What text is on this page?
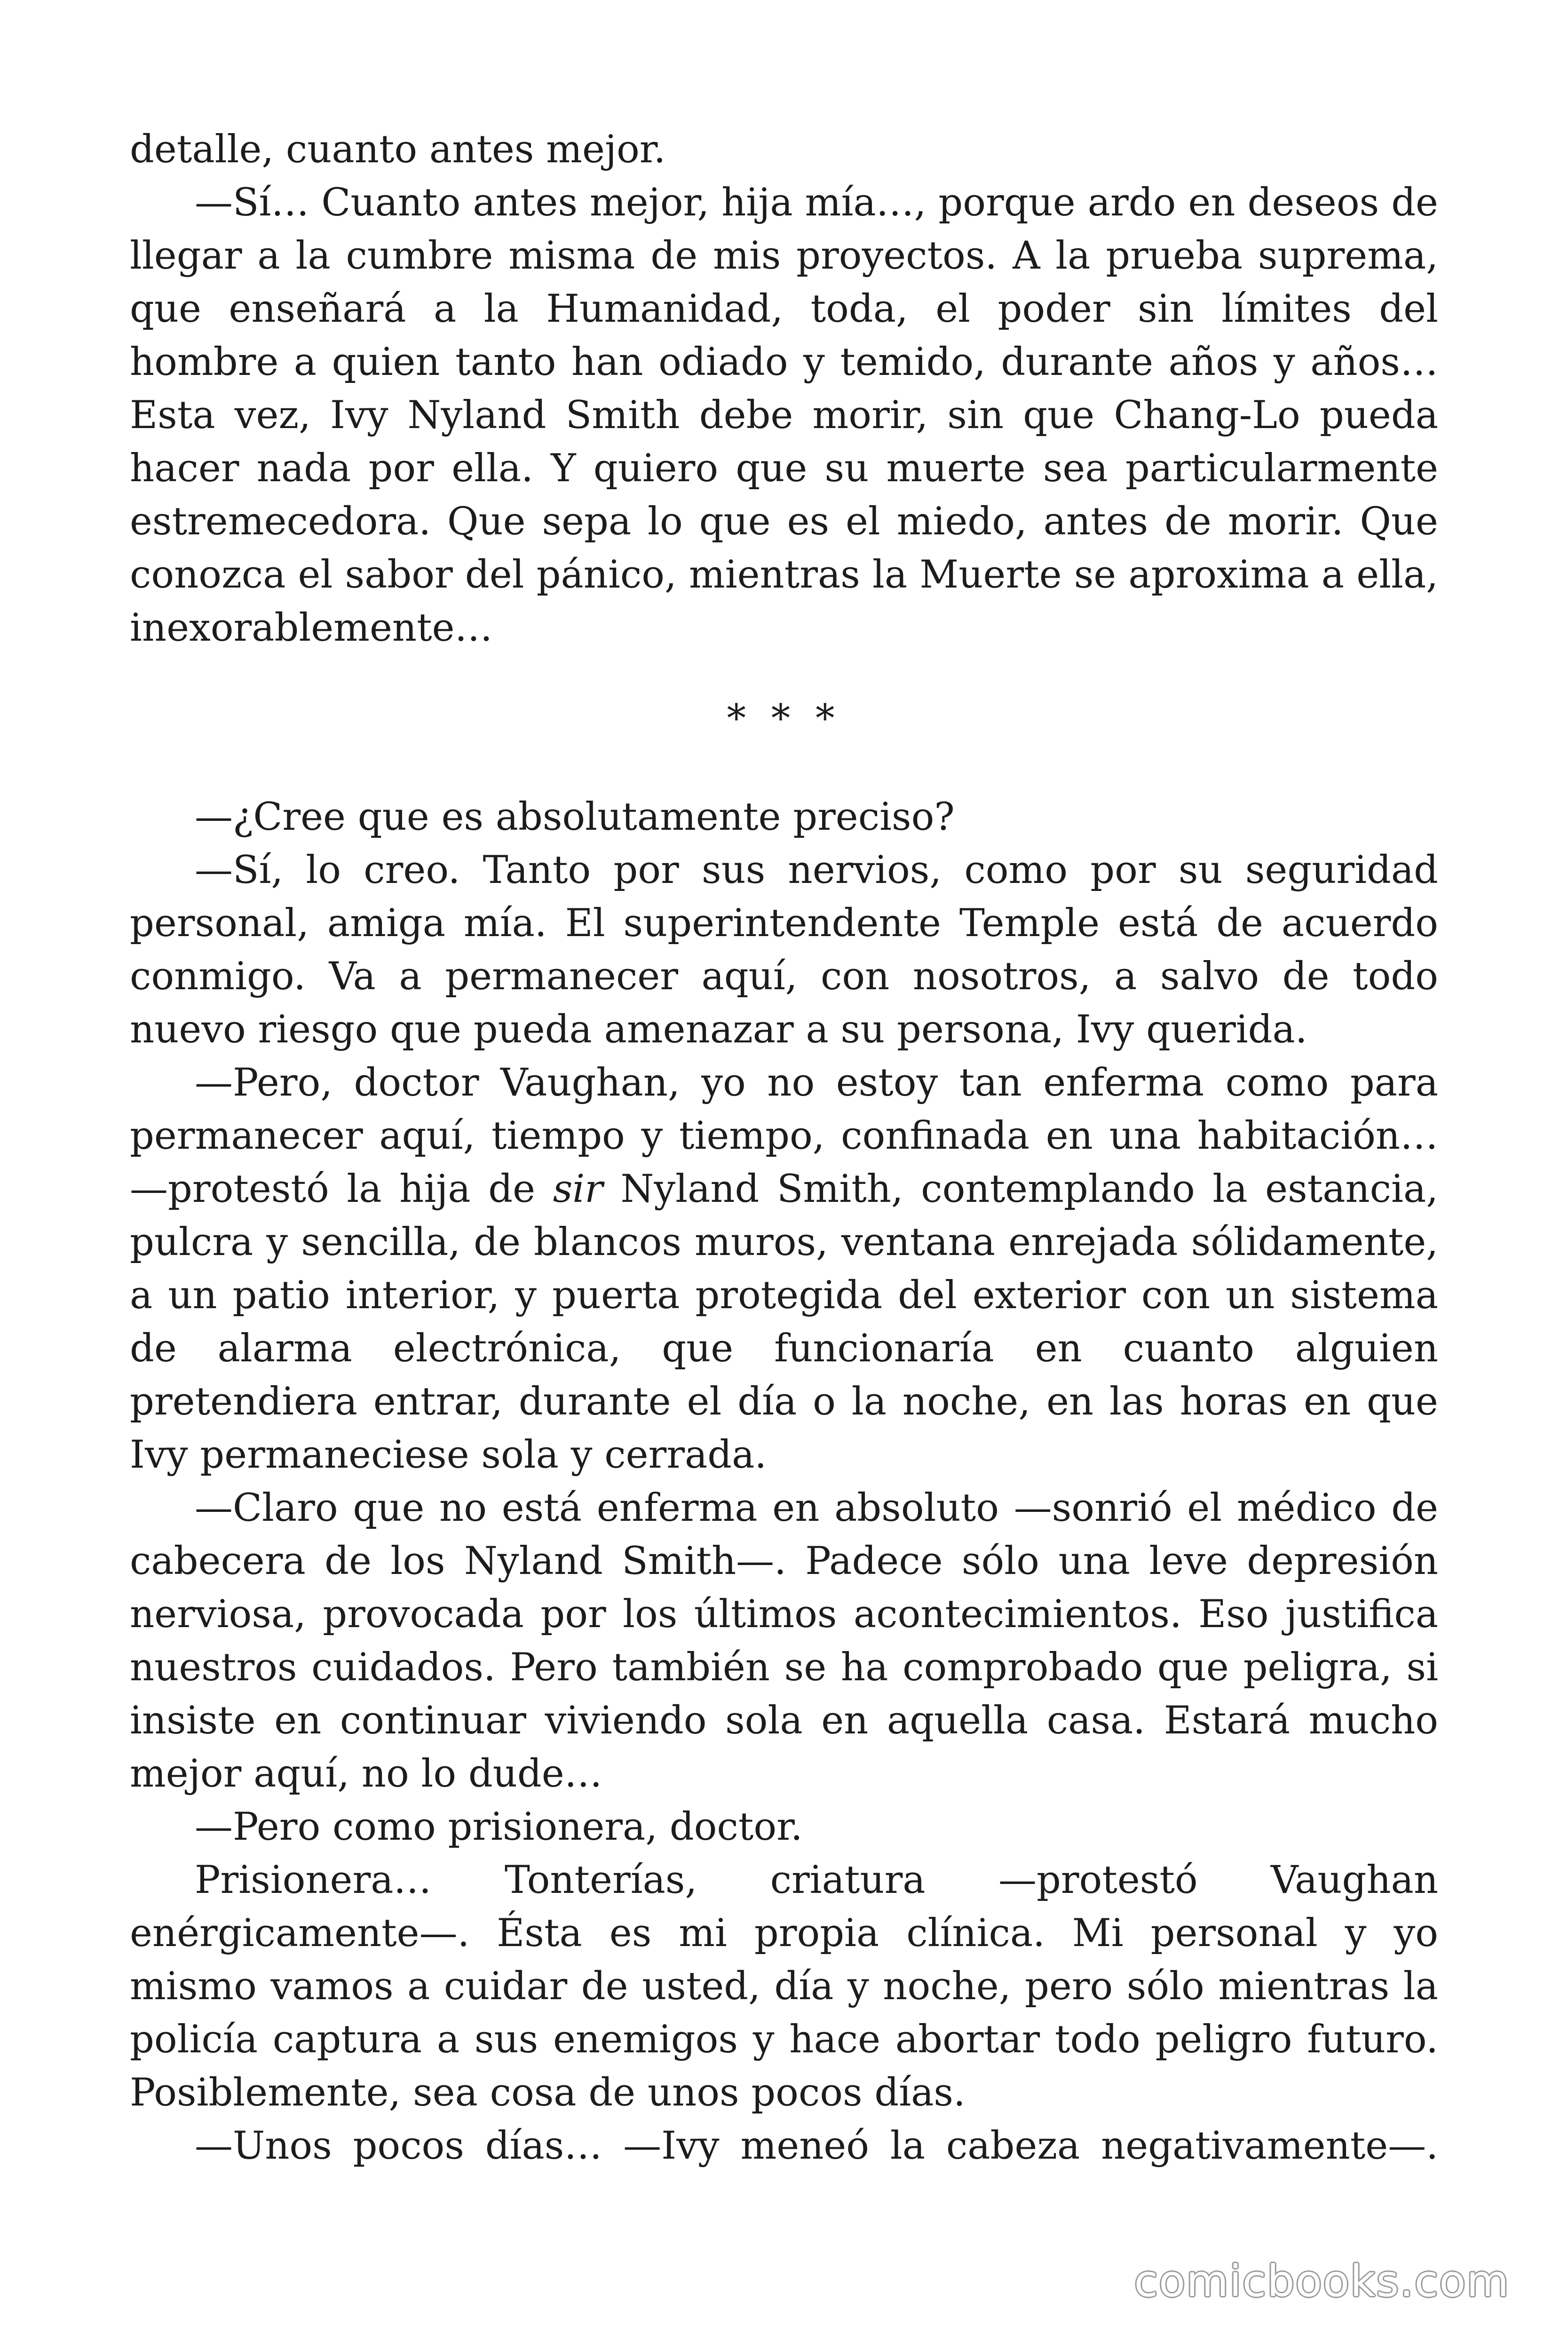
detalle, cuanto antes mejor.

—Sí… Cuanto antes mejor, hija mía…, porque ardo en deseos de llegar a la cumbre misma de mis proyectos. A la prueba suprema, que enseñará a la Humanidad, toda, el poder sin límites del hombre a quien tanto han odiado y temido, durante años y años… Esta vez, Ivy Nyland Smith debe morir, sin que Chang-Lo pueda hacer nada por ella. Y quiero que su muerte sea particularmente estremecedora. Que sepa lo que es el miedo, antes de morir. Que conozca el sabor del pánico, mientras la Muerte se aproxima a ella, inexorablemente…

* * *

—¿Cree que es absolutamente preciso?

—Sí, lo creo. Tanto por sus nervios, como por su seguridad personal, amiga mía. El superintendente Temple está de acuerdo conmigo. Va a permanecer aquí, con nosotros, a salvo de todo nuevo riesgo que pueda amenazar a su persona, Ivy querida.

—Pero, doctor Vaughan, yo no estoy tan enferma como para permanecer aquí, tiempo y tiempo, confinada en una habitación… —protestó la hija de sir Nyland Smith, contemplando la estancia, pulcra y sencilla, de blancos muros, ventana enrejada sólidamente, a un patio interior, y puerta protegida del exterior con un sistema de alarma electrónica, que funcionaría en cuanto alguien pretendiera entrar, durante el día o la noche, en las horas en que Ivy permaneciese sola y cerrada.

—Claro que no está enferma en absoluto —sonrió el médico de cabecera de los Nyland Smith—. Padece sólo una leve depresión nerviosa, provocada por los últimos acontecimientos. Eso justifica nuestros cuidados. Pero también se ha comprobado que peligra, si insiste en continuar viviendo sola en aquella casa. Estará mucho mejor aquí, no lo dude…

—Pero como prisionera, doctor.

Prisionera… Tonterías, criatura —protestó Vaughan enérgicamente—. Ésta es mi propia clínica. Mi personal y yo mismo vamos a cuidar de usted, día y noche, pero sólo mientras la policía captura a sus enemigos y hace abortar todo peligro futuro. Posiblemente, sea cosa de unos pocos días.

—Unos pocos días… —Ivy meneó la cabeza negativamente—.

comicbooks.com
